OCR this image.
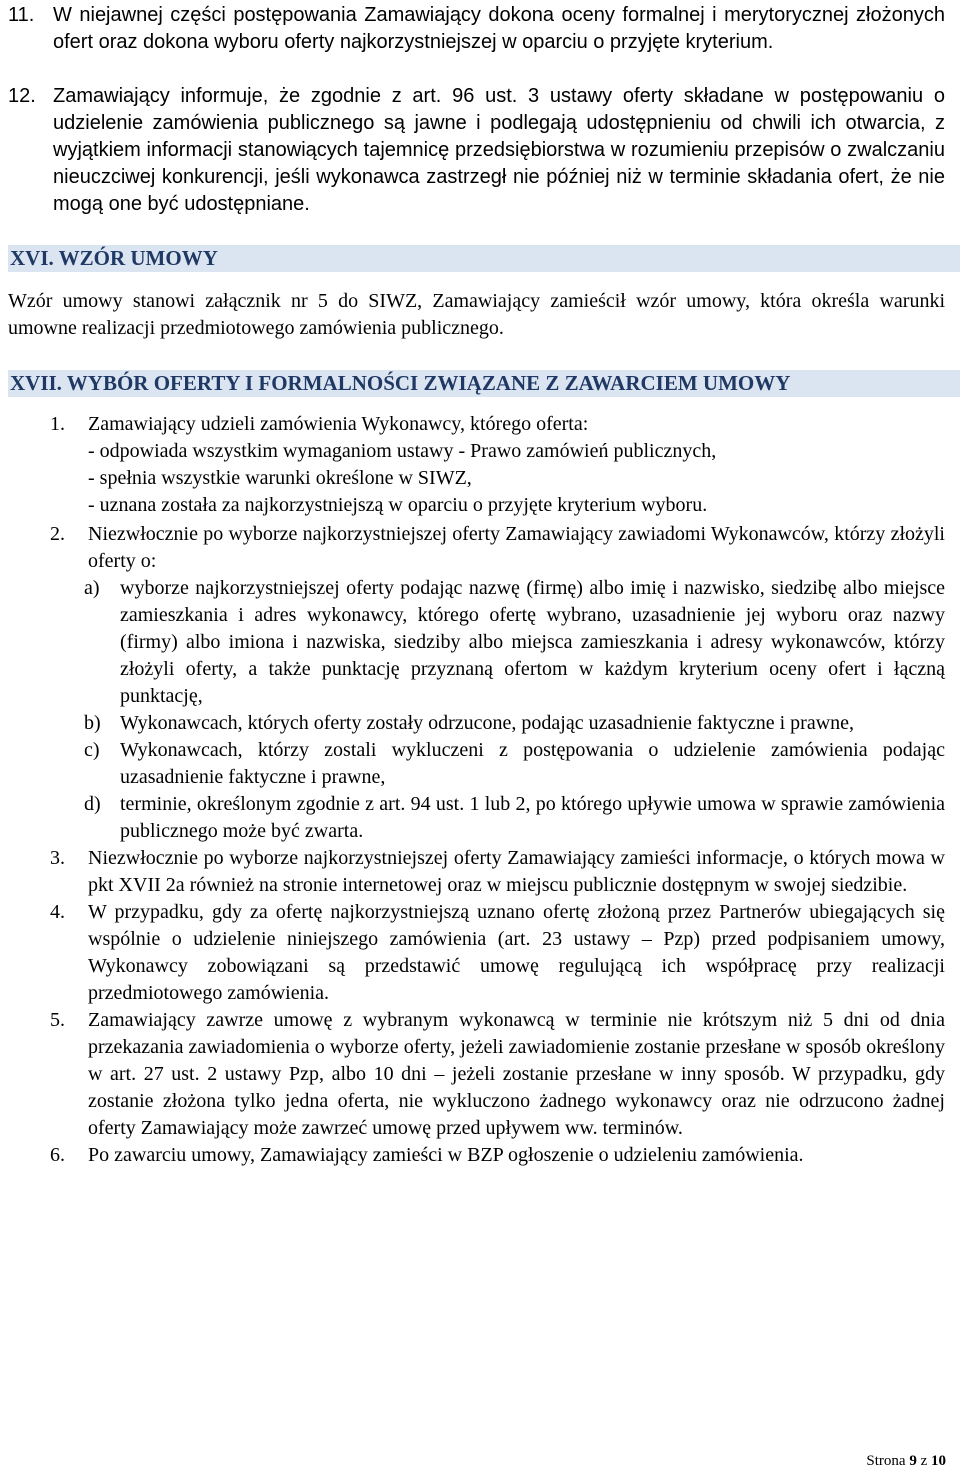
11. W niejawnej części postępowania Zamawiający dokona oceny formalnej i merytorycznej złożonych ofert oraz dokona wyboru oferty najkorzystniejszej w oparciu o przyjęte kryterium.

12. Zamawiający informuje, że zgodnie z art. 96 ust. 3 ustawy oferty składane w postępowaniu o udzielenie zamówienia publicznego są jawne i podlegają udostępnieniu od chwili ich otwarcia, z wyjątkiem informacji stanowiących tajemnicę przedsiębiorstwa w rozumieniu przepisów o zwalczaniu nieuczciwej konkurencji, jeśli wykonawca zastrzegł nie później niż w terminie składania ofert, że nie mogą one być udostępniane.

XVI. WZÓR UMOWY

Wzór umowy stanowi załącznik nr 5 do SIWZ, Zamawiający zamieścił wzór umowy, która określa warunki umowne realizacji przedmiotowego zamówienia publicznego.

XVII. WYBÓR OFERTY I FORMALNOŚCI ZWIĄZANE Z ZAWARCIEM UMOWY
1. Zamawiający udzieli zamówienia Wykonawcy, którego oferta:

- odpowiada wszystkim wymaganiom ustawy - Prawo zamówień publicznych,

- spełnia wszystkie warunki określone w SIWZ,

- uznana została za najkorzystniejszą w oparciu o przyjęte kryterium wyboru.

2. Niezwłocznie po wyborze najkorzystniejszej oferty Zamawiający zawiadomi Wykonawców, którzy złożyli oferty o:

a) wyborze najkorzystniejszej oferty podając nazwę (firmę) albo imię i nazwisko, siedzibę albo miejsce zamieszkania i adres wykonawcy, którego ofertę wybrano, uzasadnienie jej wyboru oraz nazwy (firmy) albo imiona i nazwiska, siedziby albo miejsca zamieszkania i adresy wykonawców, którzy złożyli oferty, a także punktację przyznaną ofertom w każdym kryterium oceny ofert i łączną punktację,

b) Wykonawcach, których oferty zostały odrzucone, podając uzasadnienie faktyczne i prawne,

c) Wykonawcach, którzy zostali wykluczeni z postępowania o udzielenie zamówienia podając uzasadnienie faktyczne i prawne,

d) terminie, określonym zgodnie z art. 94 ust. 1 lub 2, po którego upływie umowa w sprawie zamówienia publicznego może być zwarta.

3. Niezwłocznie po wyborze najkorzystniejszej oferty Zamawiający zamieści informacje, o których mowa w pkt XVII 2a również na stronie internetowej oraz w miejscu publicznie dostępnym w swojej siedzibie.

4. W przypadku, gdy za ofertę najkorzystniejszą uznano ofertę złożoną przez Partnerów ubiegających się wspólnie o udzielenie niniejszego zamówienia (art. 23 ustawy – Pzp) przed podpisaniem umowy, Wykonawcy zobowiązani są przedstawić umowę regulującą ich współpracę przy realizacji przedmiotowego zamówienia.

5. Zamawiający zawrze umowę z wybranym wykonawcą w terminie nie krótszym niż 5 dni od dnia przekazania zawiadomienia o wyborze oferty, jeżeli zawiadomienie zostanie przesłane w sposób określony w art. 27 ust. 2 ustawy Pzp, albo 10 dni – jeżeli zostanie przesłane w inny sposób. W przypadku, gdy zostanie złożona tylko jedna oferta, nie wykluczono żadnego wykonawcy oraz nie odrzucono żadnej oferty Zamawiający może zawrzeć umowę przed upływem ww. terminów.

6. Po zawarciu umowy, Zamawiający zamieści w BZP ogłoszenie o udzieleniu zamówienia.

Strona 9 z 10
